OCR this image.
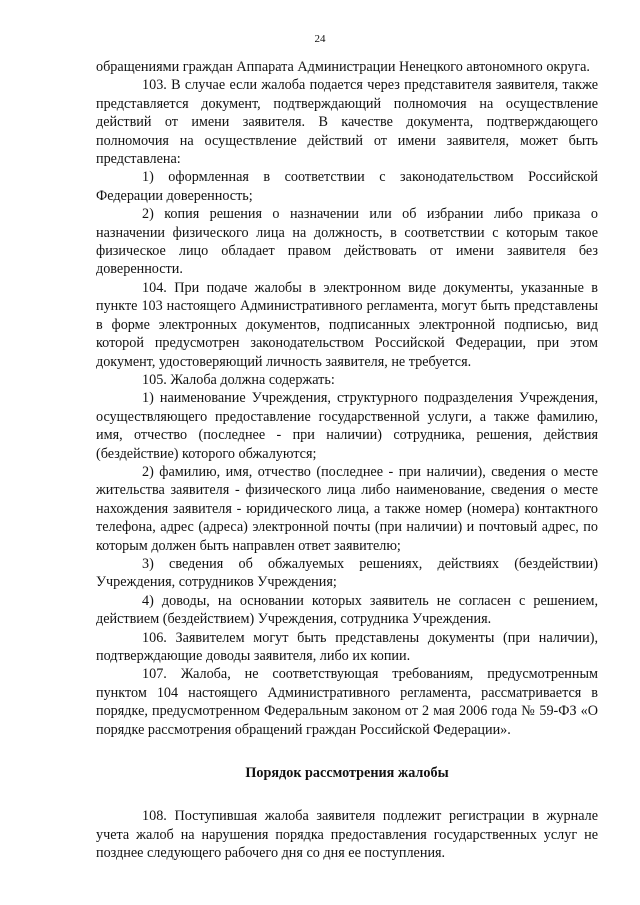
24

обращениями граждан Аппарата Администрации Ненецкого автономного округа.

103. В случае если жалоба подается через представителя заявителя, также представляется документ, подтверждающий полномочия на осуществление действий от имени заявителя. В качестве документа, подтверждающего полномочия на осуществление действий от имени заявителя, может быть представлена:

1) оформленная в соответствии с законодательством Российской Федерации доверенность;

2) копия решения о назначении или об избрании либо приказа о назначении физического лица на должность, в соответствии с которым такое физическое лицо обладает правом действовать от имени заявителя без доверенности.

104. При подаче жалобы в электронном виде документы, указанные в пункте 103 настоящего Административного регламента, могут быть представлены в форме электронных документов, подписанных электронной подписью, вид которой предусмотрен законодательством Российской Федерации, при этом документ, удостоверяющий личность заявителя, не требуется.

105. Жалоба должна содержать:

1) наименование Учреждения, структурного подразделения Учреждения, осуществляющего предоставление государственной услуги, а также фамилию, имя, отчество (последнее - при наличии) сотрудника, решения, действия (бездействие) которого обжалуются;

2) фамилию, имя, отчество (последнее - при наличии), сведения о месте жительства заявителя - физического лица либо наименование, сведения о месте нахождения заявителя - юридического лица, а также номер (номера) контактного телефона, адрес (адреса) электронной почты (при наличии) и почтовый адрес, по которым должен быть направлен ответ заявителю;

3) сведения об обжалуемых решениях, действиях (бездействии) Учреждения, сотрудников Учреждения;

4) доводы, на основании которых заявитель не согласен с решением, действием (бездействием) Учреждения, сотрудника Учреждения.

106. Заявителем могут быть представлены документы (при наличии), подтверждающие доводы заявителя, либо их копии.

107. Жалоба, не соответствующая требованиям, предусмотренным пунктом 104 настоящего Административного регламента, рассматривается в порядке, предусмотренном Федеральным законом от 2 мая 2006 года № 59-ФЗ «О порядке рассмотрения обращений граждан Российской Федерации».

Порядок рассмотрения жалобы

108. Поступившая жалоба заявителя подлежит регистрации в журнале учета жалоб на нарушения порядка предоставления государственных услуг не позднее следующего рабочего дня со дня ее поступления.
